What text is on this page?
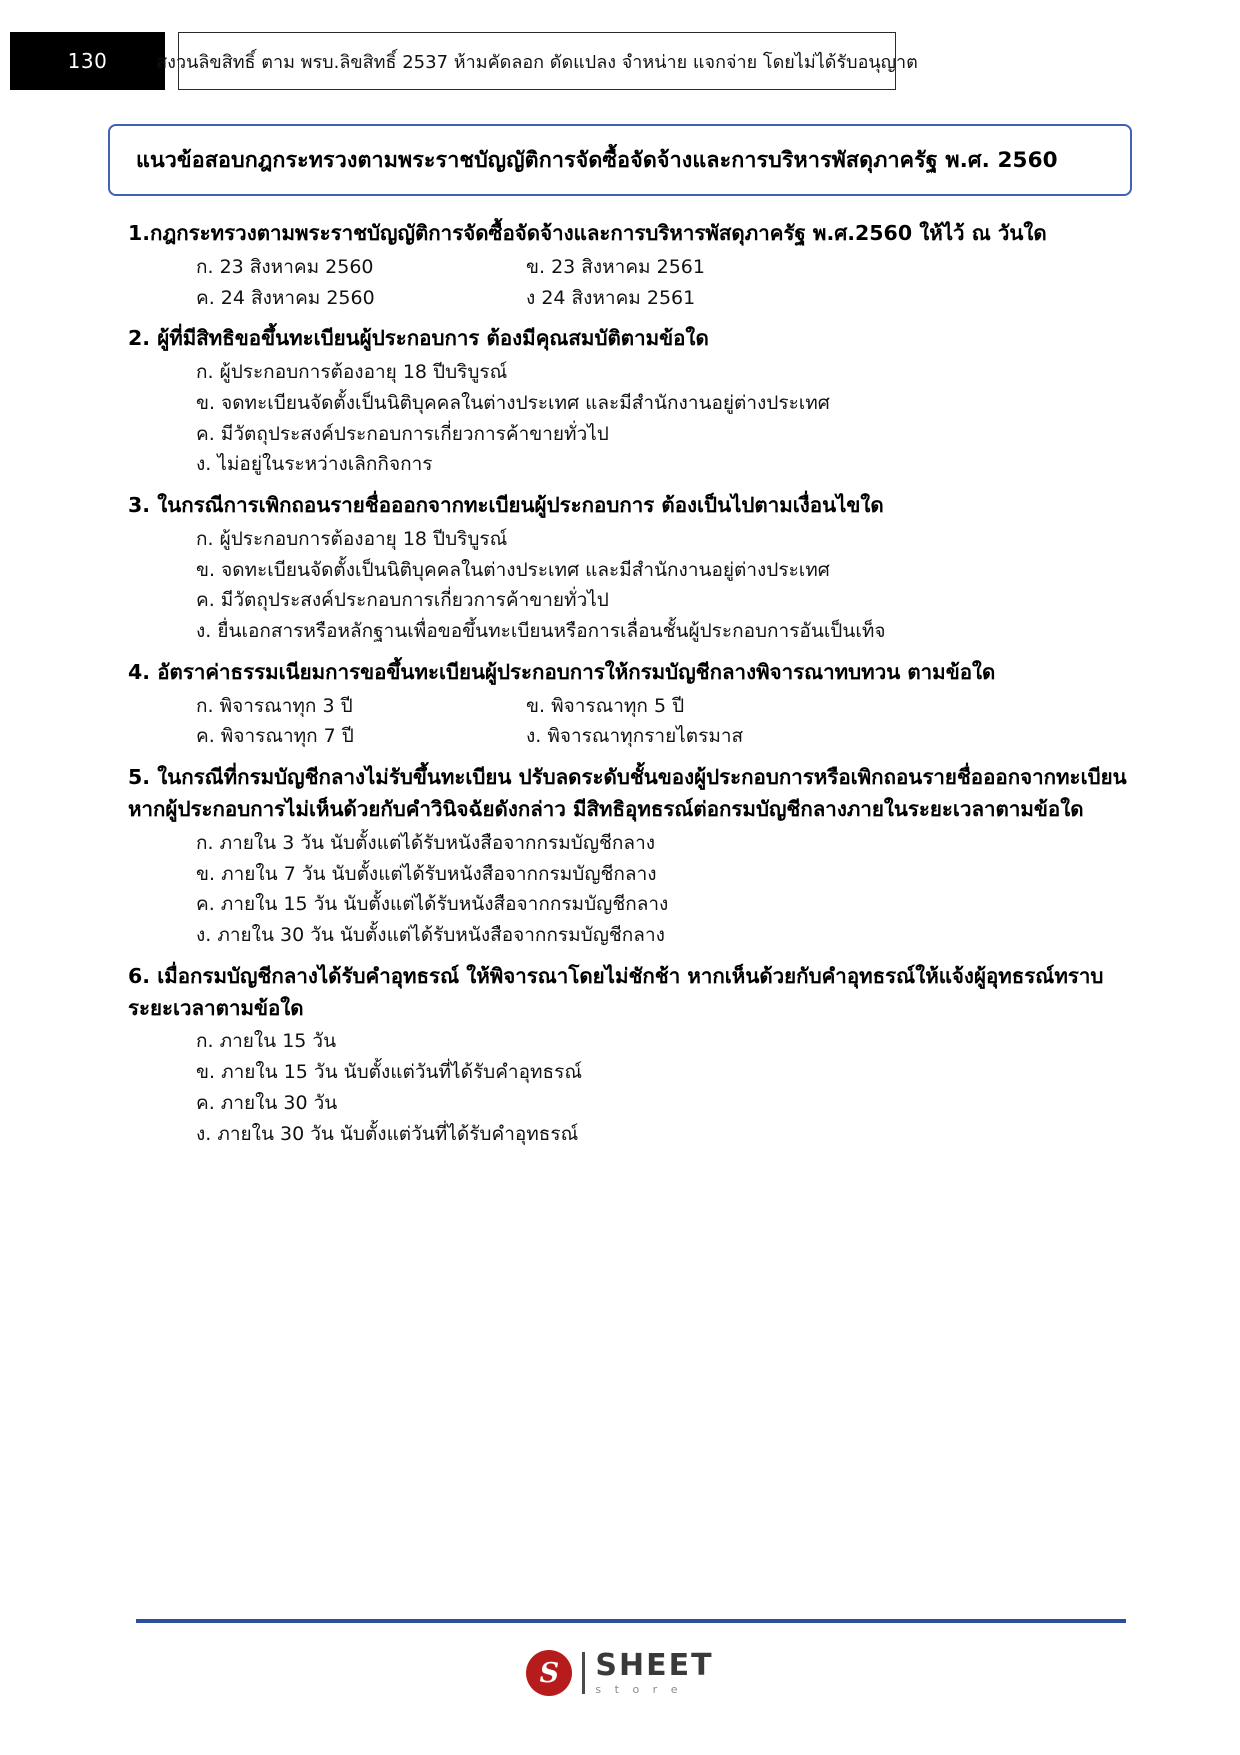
130	สงวนลิขสิทธิ์ ตาม พรบ.ลิขสิทธิ์ 2537 ห้ามคัดลอก ดัดแปลง จำหน่าย แจกจ่าย โดยไม่ได้รับอนุญาต
แนวข้อสอบกฎกระทรวงตามพระราชบัญญัติการจัดซื้อจัดจ้างและการบริหารพัสดุภาครัฐ พ.ศ. 2560

1.กฎกระทรวงตามพระราชบัญญัติการจัดซื้อจัดจ้างและการบริหารพัสดุภาครัฐ พ.ศ.2560 ให้ไว้ ณ วันใด

ก. 23 สิงหาคม 2560	ข. 23 สิงหาคม 2561

ค. 24 สิงหาคม 2560	ง 24 สิงหาคม 2561

2. ผู้ที่มีสิทธิขอขึ้นทะเบียนผู้ประกอบการ ต้องมีคุณสมบัติตามข้อใด

ก. ผู้ประกอบการต้องอายุ 18 ปีบริบูรณ์

ข. จดทะเบียนจัดตั้งเป็นนิติบุคคลในต่างประเทศ และมีสำนักงานอยู่ต่างประเทศ

ค. มีวัตถุประสงค์ประกอบการเกี่ยวการค้าขายทั่วไป

ง. ไม่อยู่ในระหว่างเลิกกิจการ

3. ในกรณีการเพิกถอนรายชื่อออกจากทะเบียนผู้ประกอบการ ต้องเป็นไปตามเงื่อนไขใด

ก. ผู้ประกอบการต้องอายุ 18 ปีบริบูรณ์

ข. จดทะเบียนจัดตั้งเป็นนิติบุคคลในต่างประเทศ และมีสำนักงานอยู่ต่างประเทศ

ค. มีวัตถุประสงค์ประกอบการเกี่ยวการค้าขายทั่วไป

ง. ยื่นเอกสารหรือหลักฐานเพื่อขอขึ้นทะเบียนหรือการเลื่อนชั้นผู้ประกอบการอันเป็นเท็จ

4. อัตราค่าธรรมเนียมการขอขึ้นทะเบียนผู้ประกอบการให้กรมบัญชีกลางพิจารณาทบทวน ตามข้อใด

ก. พิจารณาทุก 3 ปี	ข. พิจารณาทุก 5 ปี

ค. พิจารณาทุก 7 ปี	ง. พิจารณาทุกรายไตรมาส

5. ในกรณีที่กรมบัญชีกลางไม่รับขึ้นทะเบียน ปรับลดระดับชั้นของผู้ประกอบการหรือเพิกถอนรายชื่อออกจากทะเบียน หากผู้ประกอบการไม่เห็นด้วยกับคำวินิจฉัยดังกล่าว มีสิทธิอุทธรณ์ต่อกรมบัญชีกลางภายในระยะเวลาตามข้อใด

ก. ภายใน 3 วัน นับตั้งแต่ได้รับหนังสือจากกรมบัญชีกลาง

ข. ภายใน 7 วัน นับตั้งแต่ได้รับหนังสือจากกรมบัญชีกลาง

ค. ภายใน 15 วัน นับตั้งแต่ได้รับหนังสือจากกรมบัญชีกลาง

ง. ภายใน 30 วัน นับตั้งแต่ได้รับหนังสือจากกรมบัญชีกลาง

6. เมื่อกรมบัญชีกลางได้รับคำอุทธรณ์ ให้พิจารณาโดยไม่ชักช้า หากเห็นด้วยกับคำอุทธรณ์ให้แจ้งผู้อุทธรณ์ทราบ ระยะเวลาตามข้อใด

ก. ภายใน 15 วัน

ข. ภายใน 15 วัน นับตั้งแต่วันที่ได้รับคำอุทธรณ์

ค. ภายใน 30 วัน

ง. ภายใน 30 วัน นับตั้งแต่วันที่ได้รับคำอุทธรณ์

S	SHEET
s t o r e
